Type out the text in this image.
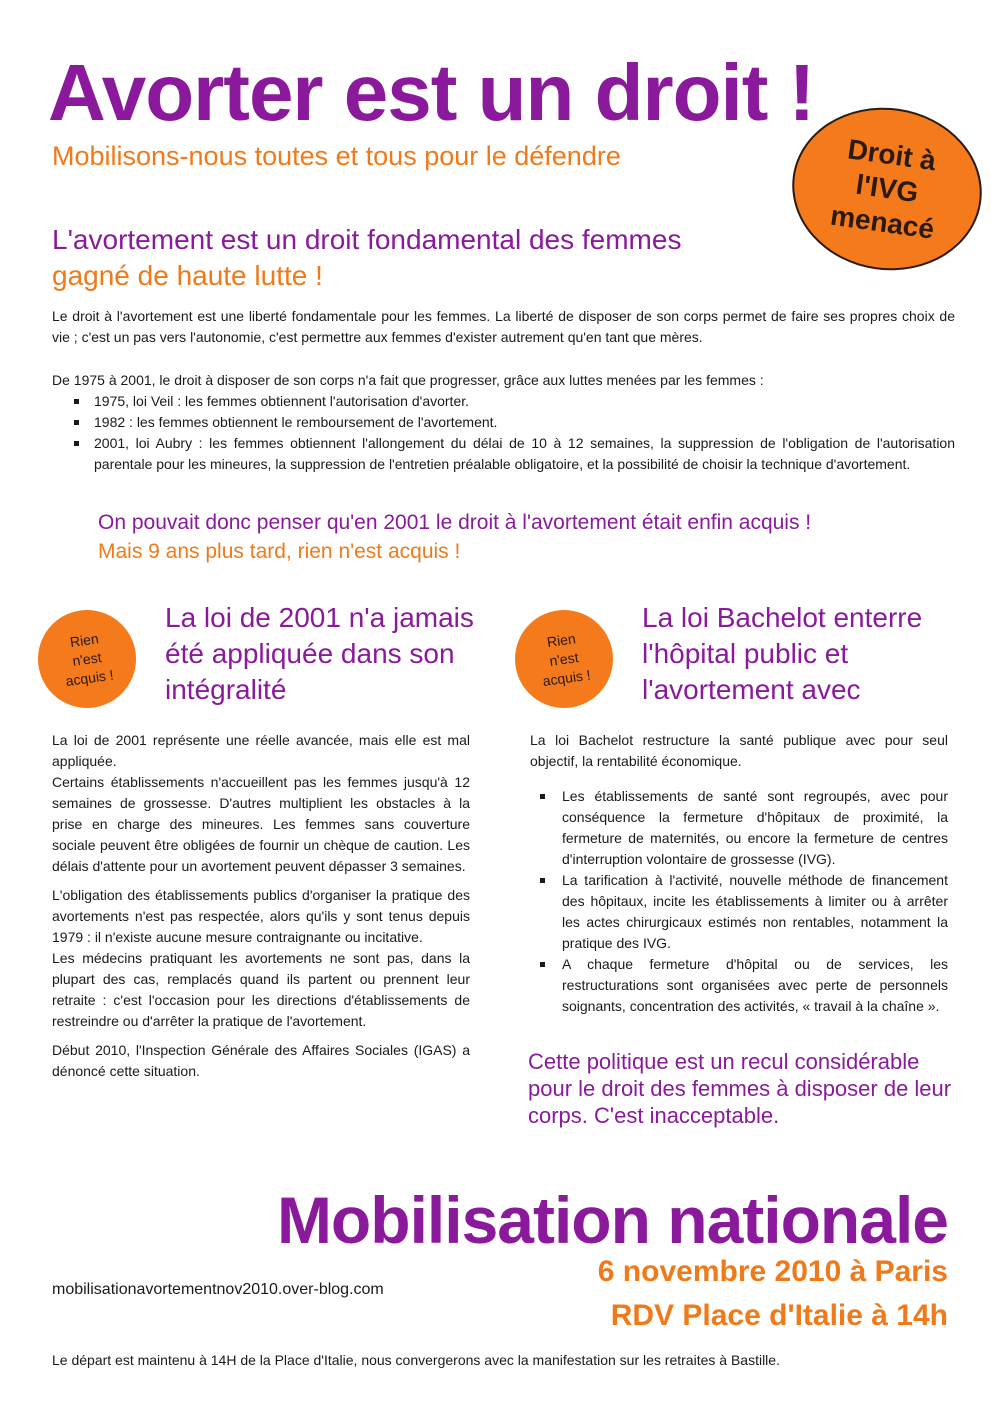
Avorter est un droit !
Mobilisons-nous toutes et tous pour le défendre	Droit à
l'IVG
menacé
L'avortement est un droit fondamental des femmes
gagné de haute lutte !

Le droit à l'avortement est une liberté fondamentale pour les femmes. La liberté de disposer de son corps permet de faire ses propres choix de vie ; c'est un pas vers l'autonomie, c'est permettre aux femmes d'exister autrement qu'en tant que mères.

De 1975 à 2001, le droit à disposer de son corps n'a fait que progresser, grâce aux luttes menées par les femmes :

1975, loi Veil : les femmes obtiennent l'autorisation d'avorter.
1982 : les femmes obtiennent le remboursement de l'avortement.
2001, loi Aubry : les femmes obtiennent l'allongement du délai de 10 à 12 semaines, la suppression de l'obligation de l'autorisation parentale pour les mineures, la suppression de l'entretien préalable obligatoire, et la possibilité de choisir la technique d'avortement.
On pouvait donc penser qu'en 2001 le droit à l'avortement était enfin acquis !
Mais 9 ans plus tard, rien n'est acquis !
Rien
n'est
acquis !
La loi de 2001 n'a jamais été appliquée dans son intégralité
Rien
n'est
acquis !
La loi Bachelot enterre l'hôpital public et l'avortement avec

La loi de 2001 représente une réelle avancée, mais elle est mal appliquée.

Certains établissements n'accueillent pas les femmes jusqu'à 12 semaines de grossesse. D'autres multiplient les obstacles à la prise en charge des mineures. Les femmes sans couverture sociale peuvent être obligées de fournir un chèque de caution. Les délais d'attente pour un avortement peuvent dépasser 3 semaines.

L'obligation des établissements publics d'organiser la pratique des avortements n'est pas respectée, alors qu'ils y sont tenus depuis 1979 : il n'existe aucune mesure contraignante ou incitative.

Les médecins pratiquant les avortements ne sont pas, dans la plupart des cas, remplacés quand ils partent ou prennent leur retraite : c'est l'occasion pour les directions d'établissements de restreindre ou d'arrêter la pratique de l'avortement.

Début 2010, l'Inspection Générale des Affaires Sociales (IGAS) a dénoncé cette situation.

La loi Bachelot restructure la santé publique avec pour seul objectif, la rentabilité économique.

Les établissements de santé sont regroupés, avec pour conséquence la fermeture d'hôpitaux de proximité, la fermeture de maternités, ou encore la fermeture de centres d'interruption volontaire de grossesse (IVG).
La tarification à l'activité, nouvelle méthode de financement des hôpitaux, incite les établissements à limiter ou à arrêter les actes chirurgicaux estimés non rentables, notamment la pratique des IVG.
A chaque fermeture d'hôpital ou de services, les restructurations sont organisées avec perte de personnels soignants, concentration des activités, « travail à la chaîne ».
Cette politique est un recul considérable pour le droit des femmes à disposer de leur corps. C'est inacceptable.
Mobilisation nationale
6 novembre 2010 à Paris
RDV Place d'Italie à 14h
mobilisationavortementnov2010.over-blog.com
Le départ est maintenu à 14H de la Place d'Italie, nous convergerons avec la manifestation sur les retraites à Bastille.
